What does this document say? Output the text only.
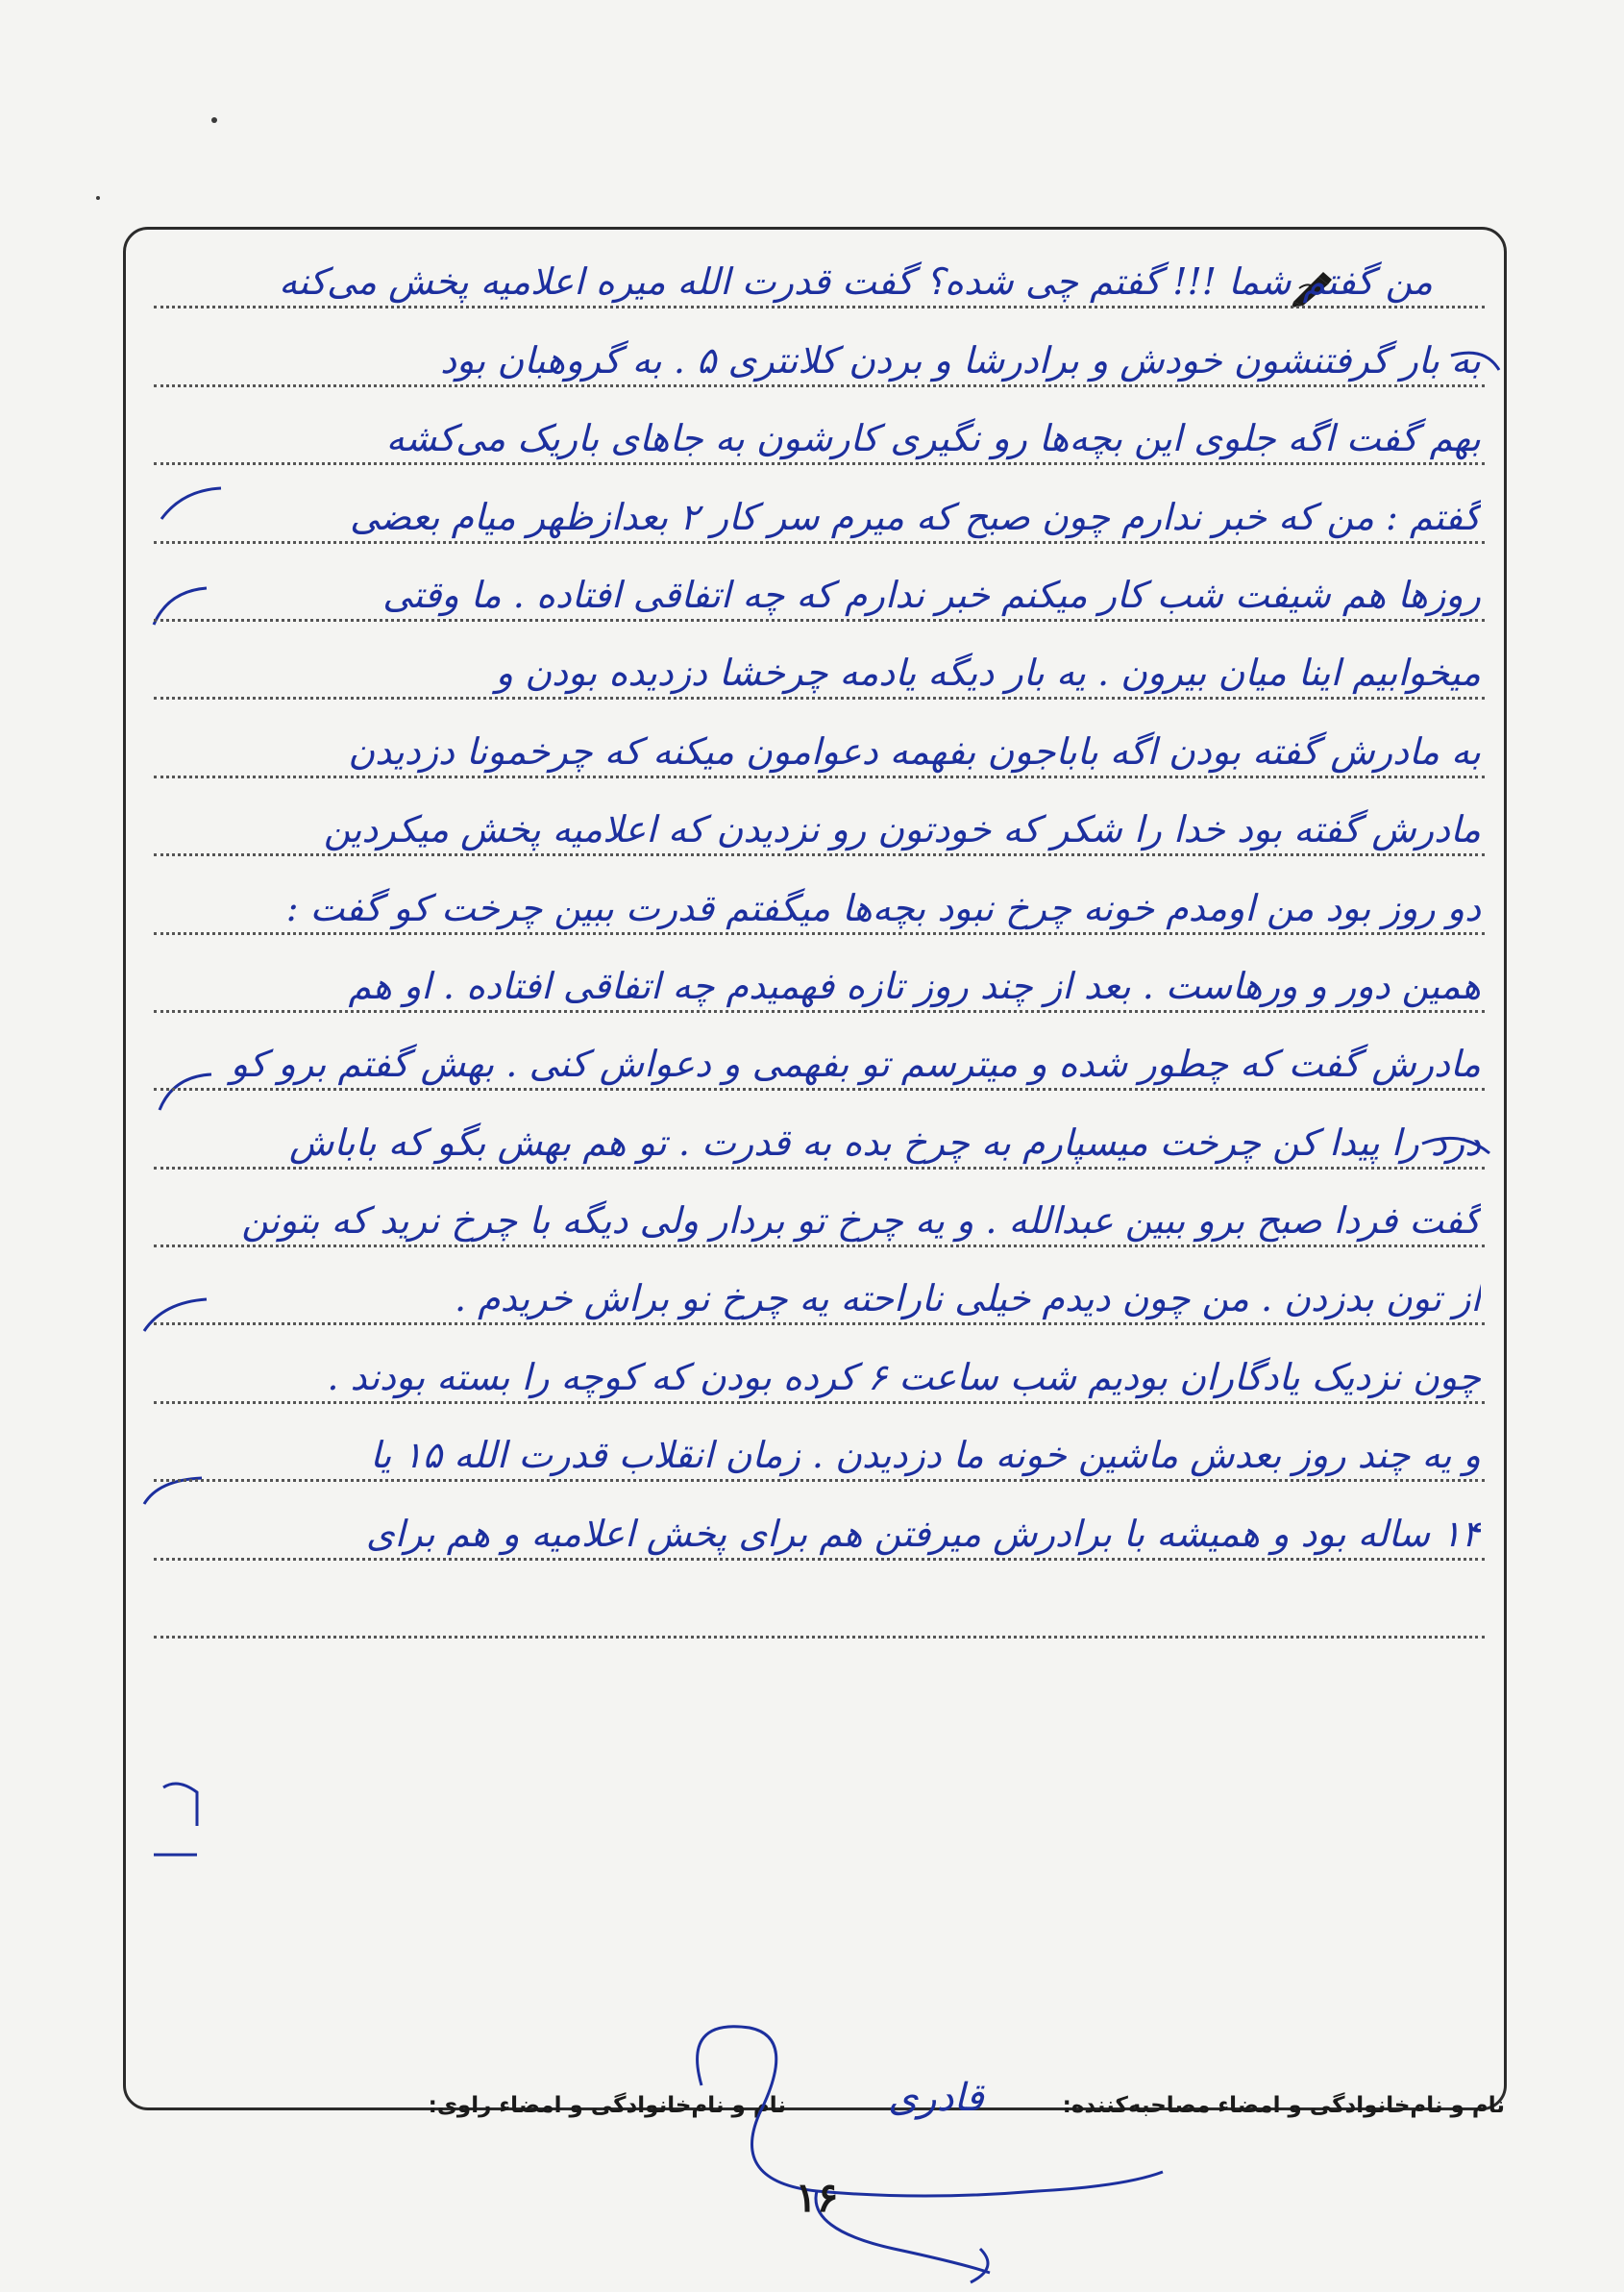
من گفتم شما !!! گفتم چی شده؟ گفت قدرت الله میره اعلامیه پخش می‌کنه
به بار گرفتنشون خودش و برادرشا و بردن کلانتری ۵ . به گروهبان بود
بهم گفت اگه جلوی این بچه‌ها رو نگیری کارشون به جاهای باریک می‌کشه
گفتم : من که خبر ندارم چون صبح که میرم سر کار ۲ بعدازظهر میام بعضی
روزها هم شیفت شب کار میکنم خبر ندارم که چه اتفاقی افتاده . ما وقتی
میخوابیم اینا میان بیرون . یه بار دیگه یادمه چرخشا دزدیده بودن و
به مادرش گفته بودن اگه باباجون بفهمه دعوامون میکنه که چرخمونا دزدیدن
مادرش گفته بود خدا را شکر که خودتون رو نزدیدن که اعلامیه پخش میکردین
دو روز بود من اومدم خونه چرخ نبود بچه‌ها میگفتم قدرت ببین چرخت کو گفت :
همین دور و ورهاست . بعد از چند روز تازه فهمیدم چه اتفاقی افتاده . او هم
مادرش گفت که چطور شده و میترسم تو بفهمی و دعواش کنی . بهش گفتم برو کو
دزد را پیدا کن چرخت میسپارم به چرخ بده به قدرت . تو هم بهش بگو که باباش
گفت فردا صبح برو ببین عبدالله . و یه چرخ تو بردار ولی دیگه با چرخ نرید که بتونن
از تون بدزدن . من چون دیدم خیلی ناراحته یه چرخ نو براش خریدم .
چون نزدیک یادگاران بودیم شب ساعت ۶ کرده بودن که کوچه را بسته بودند .
و یه چند روز بعدش ماشین خونه ما دزدیدن . زمان انقلاب قدرت الله ۱۵ یا
۱۴ ساله بود و همیشه با برادرش میرفتن هم برای پخش اعلامیه و هم برای
نام و نام‌خانوادگی و امضاء مصاحبه‌کننده:
قادری
نام و نام‌خانوادگی و امضاء راوی:
۱۶
